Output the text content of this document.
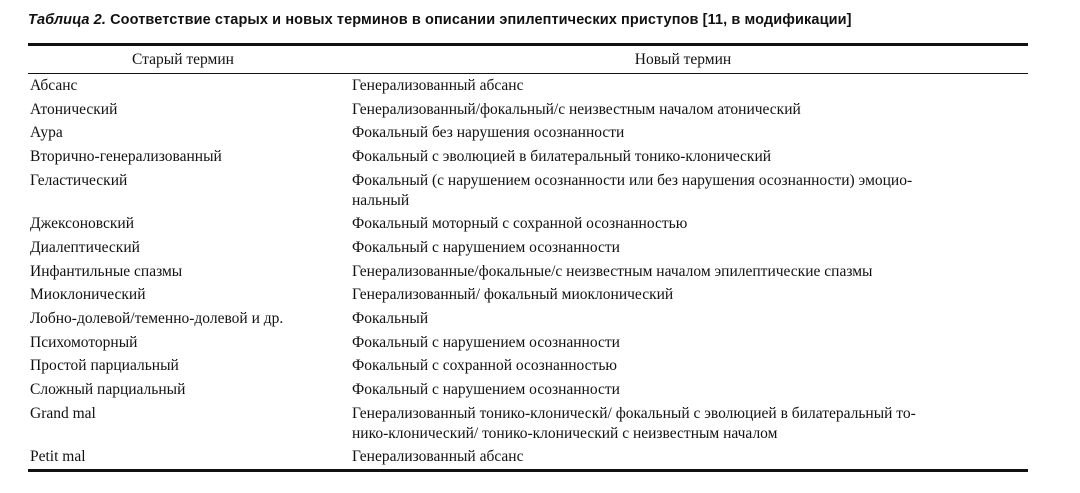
Таблица 2. Соответствие старых и новых терминов в описании эпилептических приступов [11, в модификации]
Старый термин	Новый термин
Абсанс	Генерализованный абсанс
Атонический	Генерализованный/фокальный/с неизвестным началом атонический
Аура	Фокальный без нарушения осознанности
Вторично-генерализованный	Фокальный с эволюцией в билатеральный тонико-клонический
Геластический	Фокальный (с нарушением осознанности или без нарушения осознанности) эмоцио-
нальный
Джексоновский	Фокальный моторный с сохранной осознанностью
Диалептический	Фокальный с нарушением осознанности
Инфантильные спазмы	Генерализованные/фокальные/с неизвестным началом эпилептические спазмы
Миоклонический	Генерализованный/ фокальный миоклонический
Лобно-долевой/теменно-долевой и др.	Фокальный
Психомоторный	Фокальный с нарушением осознанности
Простой парциальный	Фокальный с сохранной осознанностью
Сложный парциальный	Фокальный с нарушением осознанности
Grand mal	Генерализованный тонико-клоническй/ фокальный с эволюцией в билатеральный то-
нико-клонический/ тонико-клонический с неизвестным началом
Petit mal	Генерализованный абсанс
